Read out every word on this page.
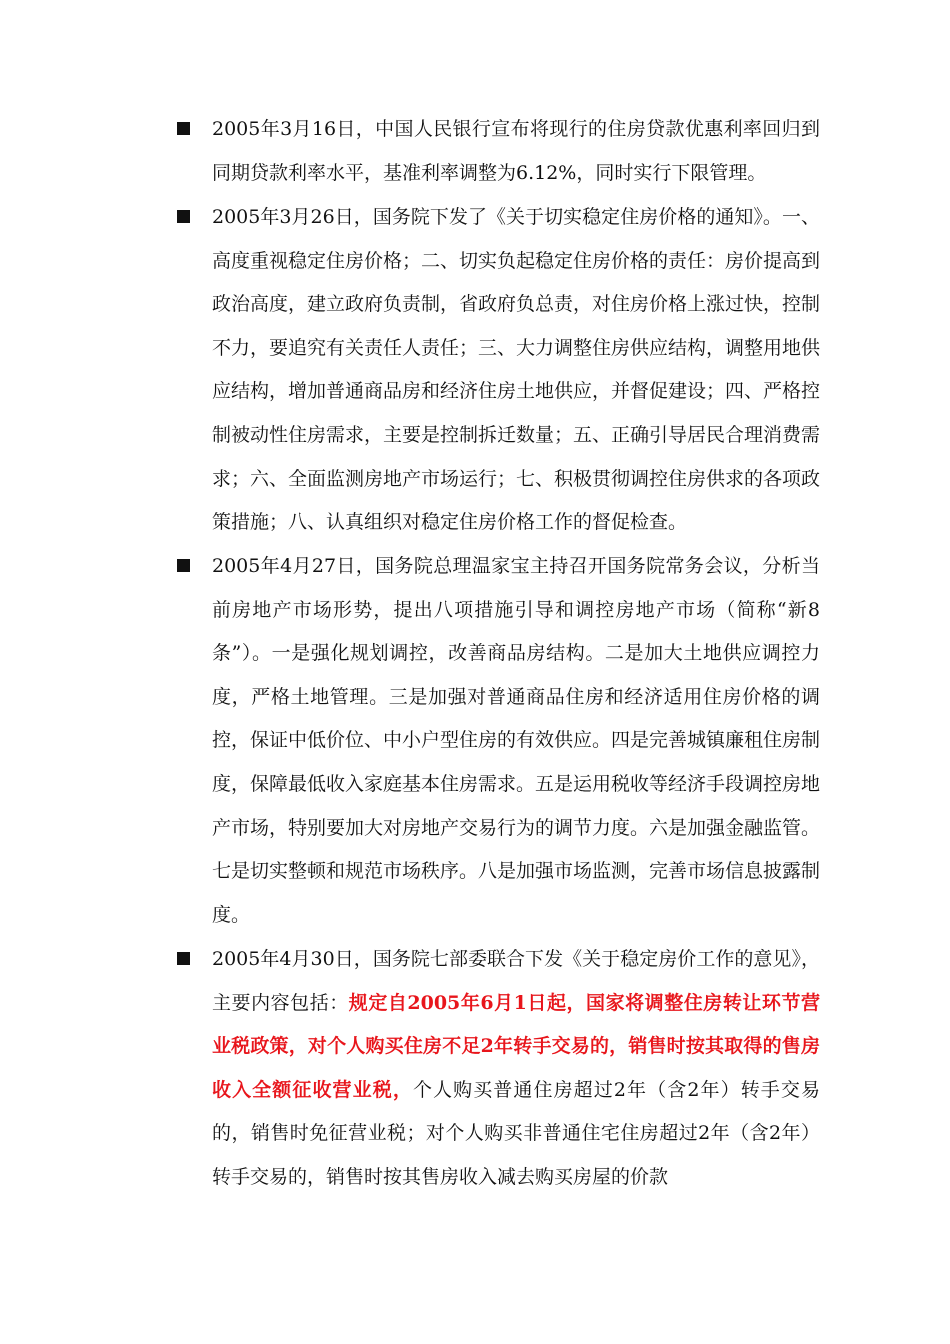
2005年3月16日，中国人民银行宣布将现行的住房贷款优惠利率回归到同期贷款利率水平，基准利率调整为6.12%，同时实行下限管理。
2005年3月26日，国务院下发了《关于切实稳定住房价格的通知》。一、高度重视稳定住房价格；二、切实负起稳定住房价格的责任：房价提高到政治高度，建立政府负责制，省政府负总责，对住房价格上涨过快，控制不力，要追究有关责任人责任；三、大力调整住房供应结构，调整用地供应结构，增加普通商品房和经济住房土地供应，并督促建设；四、严格控制被动性住房需求，主要是控制拆迁数量；五、正确引导居民合理消费需求；六、全面监测房地产市场运行；七、积极贯彻调控住房供求的各项政策措施；八、认真组织对稳定住房价格工作的督促检查。
2005年4月27日，国务院总理温家宝主持召开国务院常务会议，分析当前房地产市场形势，提出八项措施引导和调控房地产市场（简称“新8条”）。一是强化规划调控，改善商品房结构。二是加大土地供应调控力度，严格土地管理。三是加强对普通商品住房和经济适用住房价格的调控，保证中低价位、中小户型住房的有效供应。四是完善城镇廉租住房制度，保障最低收入家庭基本住房需求。五是运用税收等经济手段调控房地产市场，特别要加大对房地产交易行为的调节力度。六是加强金融监管。七是切实整顿和规范市场秩序。八是加强市场监测，完善市场信息披露制度。
2005年4月30日，国务院七部委联合下发《关于稳定房价工作的意见》，主要内容包括：规定自2005年6月1日起，国家将调整住房转让环节营业税政策，对个人购买住房不足2年转手交易的，销售时按其取得的售房收入全额征收营业税，个人购买普通住房超过2年（含2年）转手交易的，销售时免征营业税；对个人购买非普通住宅住房超过2年（含2年）转手交易的，销售时按其售房收入减去购买房屋的价款
